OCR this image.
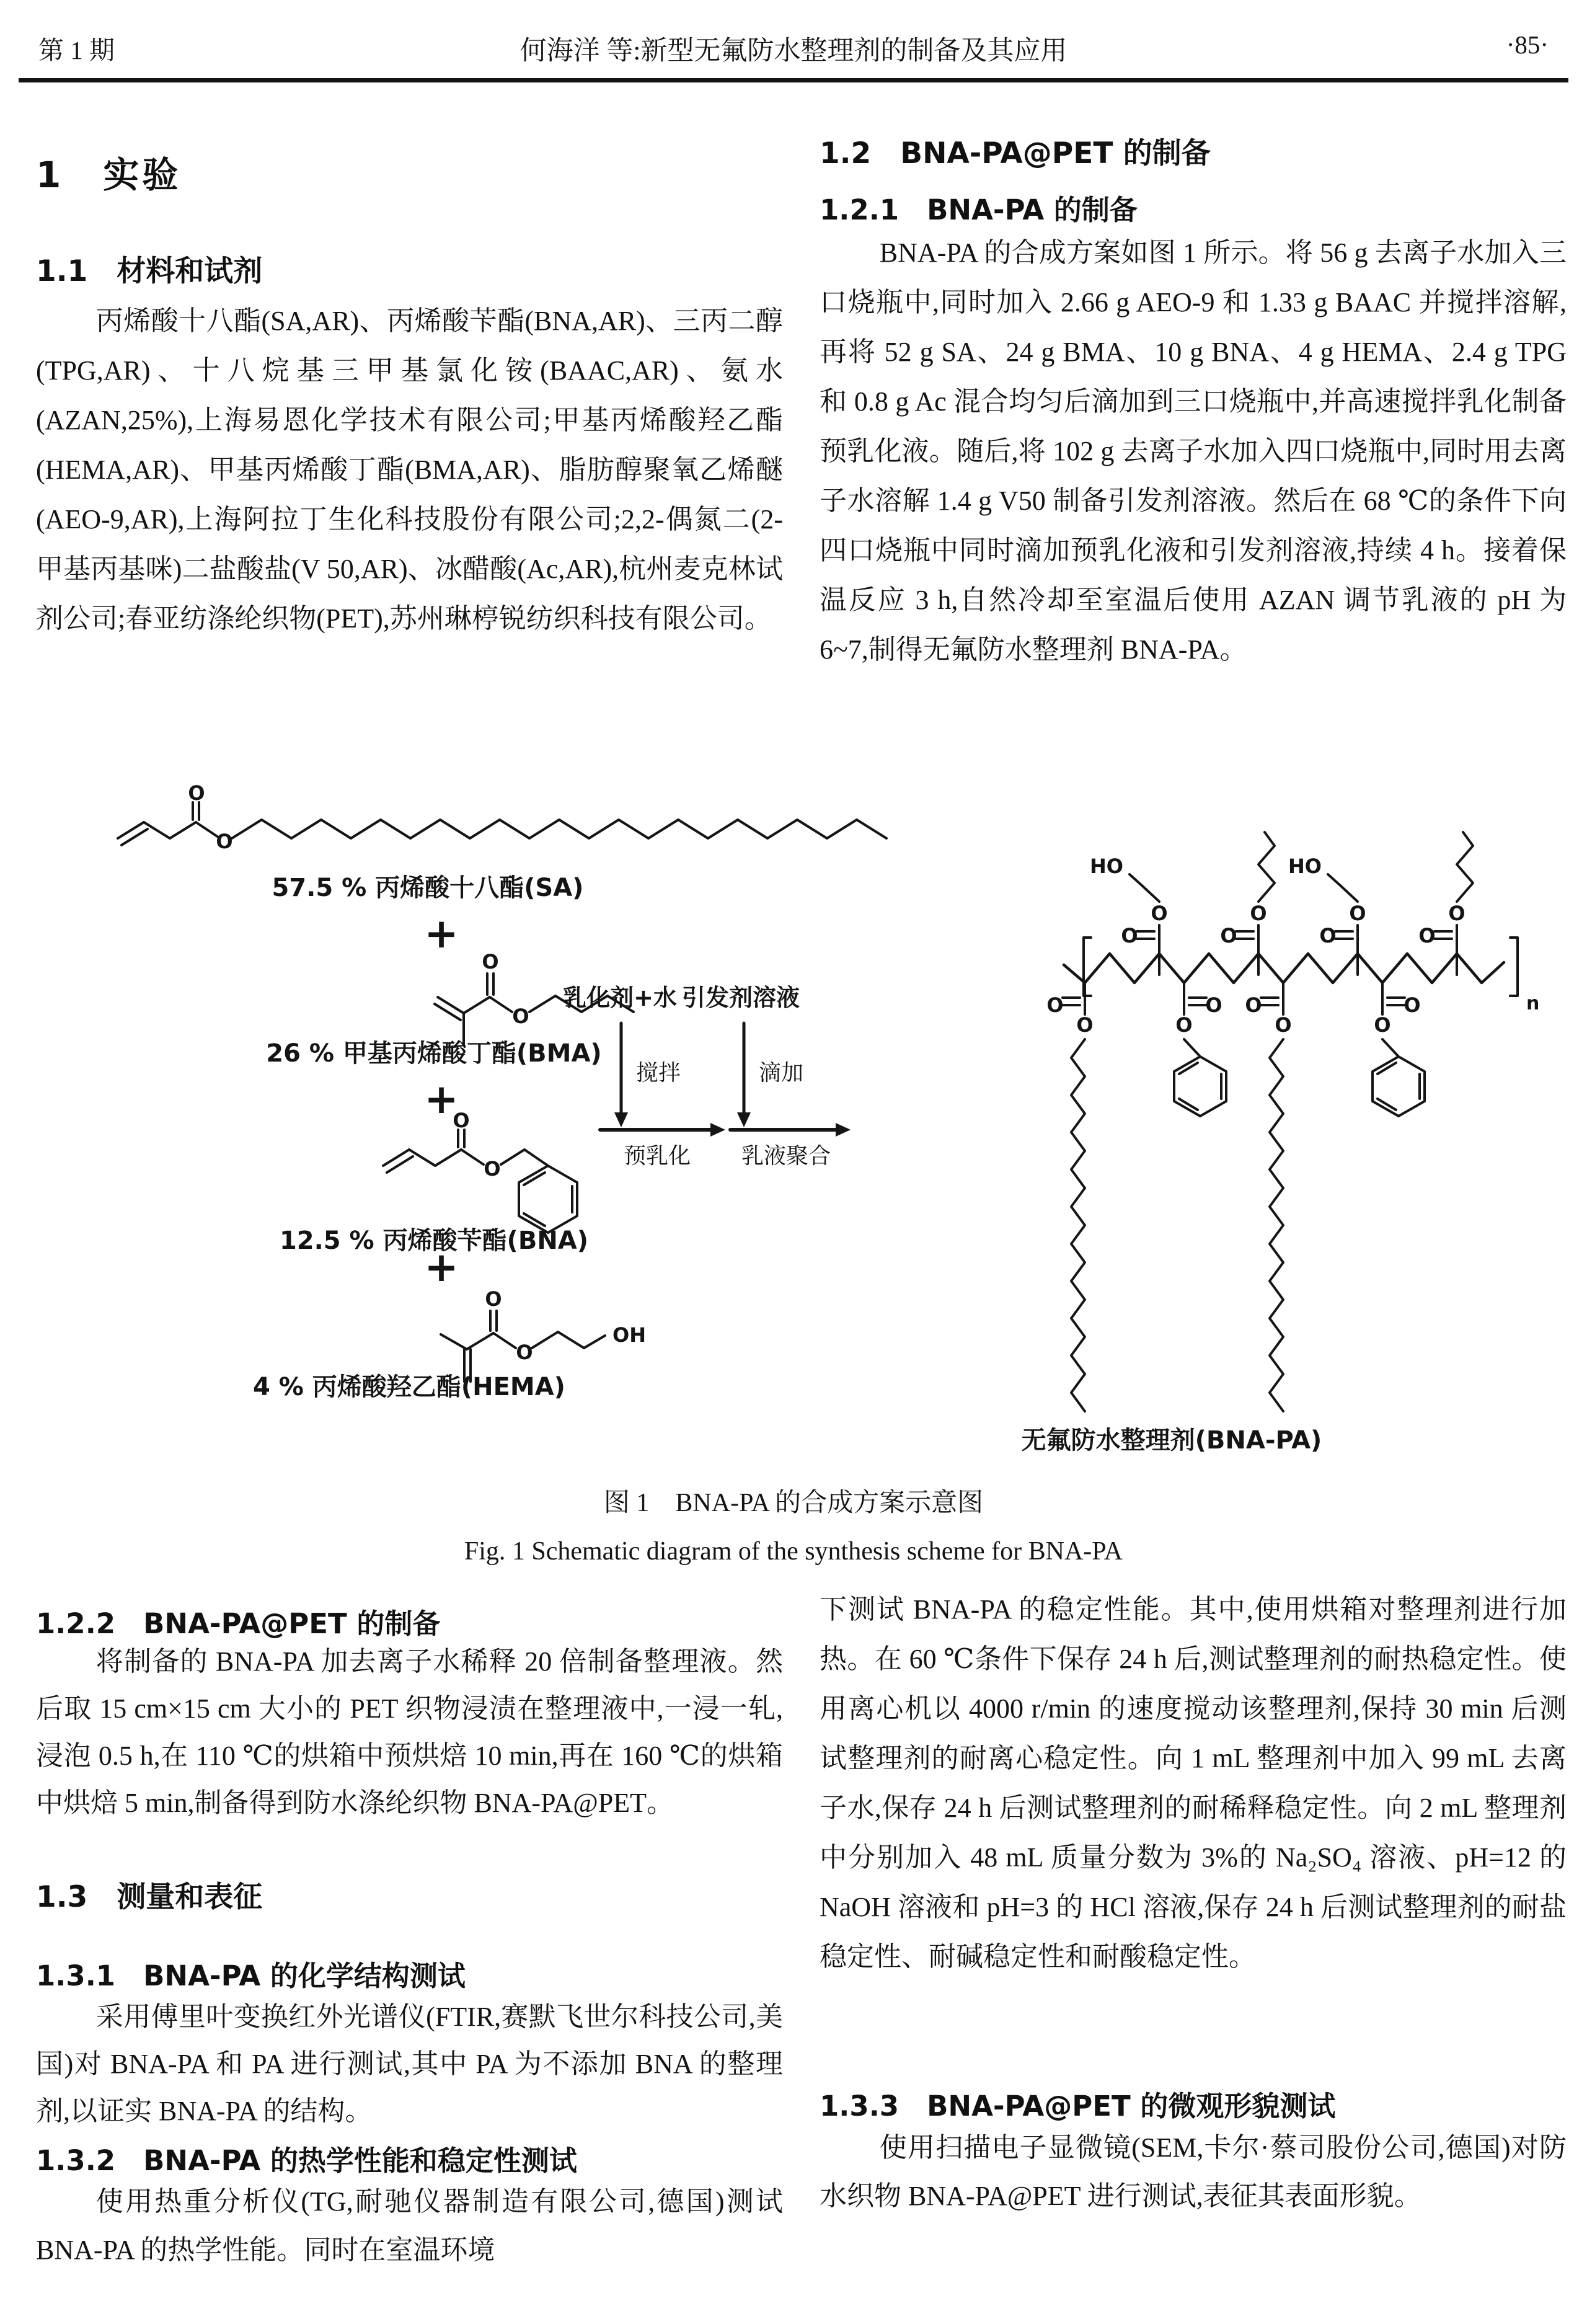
第 1 期	何海洋 等:新型无氟防水整理剂的制备及其应用	·85·
1　实验
1.1　材料和试剂
丙烯酸十八酯(SA,AR)、丙烯酸苄酯(BNA,AR)、三丙二醇(TPG,AR)、十八烷基三甲基氯化铵(BAAC,AR)、氨水(AZAN,25%),上海易恩化学技术有限公司;甲基丙烯酸羟乙酯(HEMA,AR)、甲基丙烯酸丁酯(BMA,AR)、脂肪醇聚氧乙烯醚(AEO-9,AR),上海阿拉丁生化科技股份有限公司;2,2-偶氮二(2-甲基丙基咪)二盐酸盐(V 50,AR)、冰醋酸(Ac,AR),杭州麦克林试剂公司;春亚纺涤纶织物(PET),苏州琳楟锐纺织科技有限公司。
1.2.2　BNA-PA@PET 的制备
将制备的 BNA-PA 加去离子水稀释 20 倍制备整理液。然后取 15 cm×15 cm 大小的 PET 织物浸渍在整理液中,一浸一轧,浸泡 0.5 h,在 110 ℃的烘箱中预烘焙 10 min,再在 160 ℃的烘箱中烘焙 5 min,制备得到防水涤纶织物 BNA-PA@PET。
1.3　测量和表征
1.3.1　BNA-PA 的化学结构测试
采用傅里叶变换红外光谱仪(FTIR,赛默飞世尔科技公司,美国)对 BNA-PA 和 PA 进行测试,其中 PA 为不添加 BNA 的整理剂,以证实 BNA-PA 的结构。
1.3.2　BNA-PA 的热学性能和稳定性测试
使用热重分析仪(TG,耐驰仪器制造有限公司,德国)测试 BNA-PA 的热学性能。同时在室温环境
1.2　BNA-PA@PET 的制备
1.2.1　BNA-PA 的制备
BNA-PA 的合成方案如图 1 所示。将 56 g 去离子水加入三口烧瓶中,同时加入 2.66 g AEO-9 和 1.33 g BAAC 并搅拌溶解,再将 52 g SA、24 g BMA、10 g BNA、4 g HEMA、2.4 g TPG 和 0.8 g Ac 混合均匀后滴加到三口烧瓶中,并高速搅拌乳化制备预乳化液。随后,将 102 g 去离子水加入四口烧瓶中,同时用去离子水溶解 1.4 g V50 制备引发剂溶液。然后在 68 ℃的条件下向四口烧瓶中同时滴加预乳化液和引发剂溶液,持续 4 h。接着保温反应 3 h,自然冷却至室温后使用 AZAN 调节乳液的 pH 为 6~7,制得无氟防水整理剂 BNA-PA。
下测试 BNA-PA 的稳定性能。其中,使用烘箱对整理剂进行加热。在 60 ℃条件下保存 24 h 后,测试整理剂的耐热稳定性。使用离心机以 4000 r/min 的速度搅动该整理剂,保持 30 min 后测试整理剂的耐离心稳定性。向 1 mL 整理剂中加入 99 mL 去离子水,保存 24 h 后测试整理剂的耐稀释稳定性。向 2 mL 整理剂中分别加入 48 mL 质量分数为 3%的 Na₂SO₄ 溶液、pH=12 的 NaOH 溶液和 pH=3 的 HCl 溶液,保存 24 h 后测试整理剂的耐盐稳定性、耐碱稳定性和耐酸稳定性。
1.3.3　BNA-PA@PET 的微观形貌测试
使用扫描电子显微镜(SEM,卡尔·蔡司股份公司,德国)对防水织物 BNA-PA@PET 进行测试,表征其表面形貌。
O
O
57.5 % 丙烯酸十八酯(SA)
+
O
O
26 % 甲基丙烯酸丁酯(BMA)
+
O
O
12.5 % 丙烯酸苄酯(BNA)
+
O
O
OH
4 % 丙烯酸羟乙酯(HEMA)
乳化剂+水
搅拌
预乳化
引发剂溶液
滴加
乳液聚合
HO	HO
O	O	O	O
O	O	O	O
O	O O	O
O	O	O	O
n
无氟防水整理剂(BNA-PA)
图 1　BNA-PA 的合成方案示意图
Fig. 1 Schematic diagram of the synthesis scheme for BNA-PA
